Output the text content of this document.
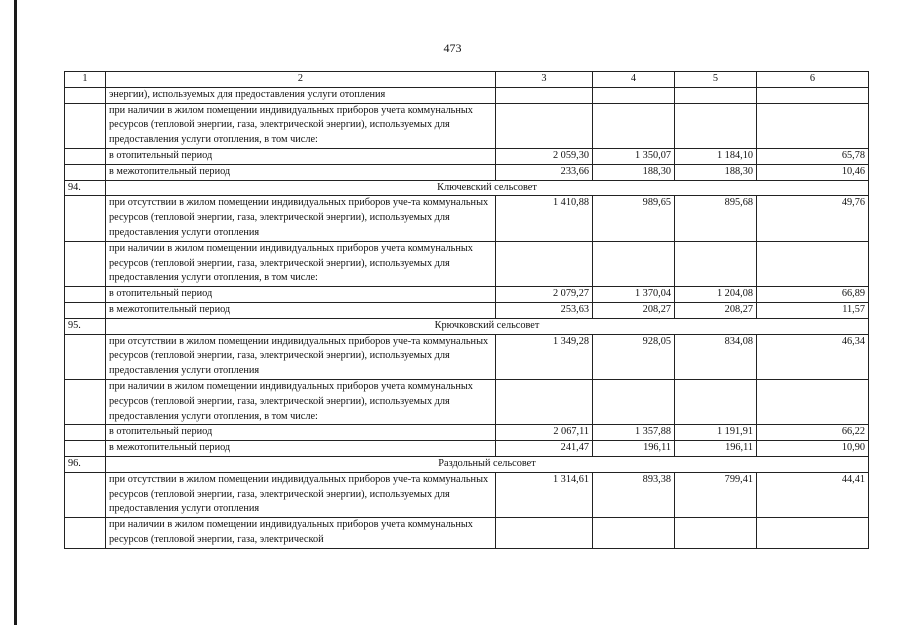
473
1	2	3	4	5	6
	энергии), используемых для предоставления услуги отопления				
	при наличии в жилом помещении индивидуальных приборов учета коммунальных ресурсов (тепловой энергии, газа, электрической энергии), используемых для предоставления услуги отопления, в том числе:				
	в отопительный период	2 059,30	1 350,07	1 184,10	65,78
	в межотопительный период	233,66	188,30	188,30	10,46
94.	Ключевский сельсовет				
	при отсутствии в жилом помещении индивидуальных приборов уче-та коммунальных ресурсов (тепловой энергии, газа, электрической энергии), используемых для предоставления услуги отопления	1 410,88	989,65	895,68	49,76
	при наличии в жилом помещении индивидуальных приборов учета коммунальных ресурсов (тепловой энергии, газа, электрической энергии), используемых для предоставления услуги отопления, в том числе:				
	в отопительный период	2 079,27	1 370,04	1 204,08	66,89
	в межотопительный период	253,63	208,27	208,27	11,57
95.	Крючковский сельсовет				
	при отсутствии в жилом помещении индивидуальных приборов уче-та коммунальных ресурсов (тепловой энергии, газа, электрической энергии), используемых для предоставления услуги отопления	1 349,28	928,05	834,08	46,34
	при наличии в жилом помещении индивидуальных приборов учета коммунальных ресурсов (тепловой энергии, газа, электрической энергии), используемых для предоставления услуги отопления, в том числе:				
	в отопительный период	2 067,11	1 357,88	1 191,91	66,22
	в межотопительный период	241,47	196,11	196,11	10,90
96.	Раздольный сельсовет				
	при отсутствии в жилом помещении индивидуальных приборов уче-та коммунальных ресурсов (тепловой энергии, газа, электрической энергии), используемых для предоставления услуги отопления	1 314,61	893,38	799,41	44,41
	при наличии в жилом помещении индивидуальных приборов учета коммунальных ресурсов (тепловой энергии, газа, электрической				
